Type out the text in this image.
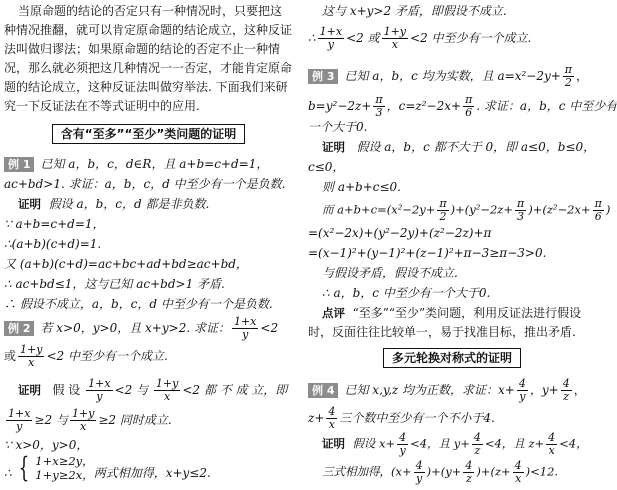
当原命题的结论的否定只有一种情况时，只要把这
种情况推翻，就可以肯定原命题的结论成立，这种反证
法叫做归谬法；如果原命题的结论的否定不止一种情
况，那么就必须把这几种情况一一否定，才能肯定原命
题的结论成立，这种反证法叫做穷举法. 下面我们来研
究一下反证法在不等式证明中的应用.
含有“至多”“至少”类问题的证明
例 1 已知 a，b，c，d∈R，且 a+b=c+d=1，
ac+bd>1. 求证：a，b，c，d 中至少有一个是负数.
证明 假设 a，b，c，d 都是非负数.
∵ a+b=c+d=1，
∴(a+b)(c+d)=1.
又 (a+b)(c+d)=ac+bc+ad+bd≥ac+bd，
∴ ac+bd≤1，这与已知 ac+bd>1 矛盾.
∴ 假设不成立，a，b，c，d 中至少有一个是负数.
例 2 若 x>0，y>0，且 x+y>2. 求证： $\frac{1+x}{y} <2$
或 $\frac{1+y}{x} <2$ 中至少有一个成立.
证明 假 设 $\frac{1+x}{y} <2$ 与 $\frac{1+y}{x} <2$ 都 不 成 立，即
$\frac{1+x}{y} \ge 2$ 与 $\frac{1+y}{x} \ge 2$ 同时成立.
∵ x>0，y>0，
∴ { 1+x≥2y，
1+y≥2x， 两式相加得，x+y≤2.
这与 x+y>2 矛盾，即假设不成立.
∴ $\frac{1+x}{y} <2$ 或 $\frac{1+y}{x} <2$ 中至少有一个成立.
例 3 已知 a，b，c 均为实数，且 $a=x^2-2y+ \frac{\pi}{2}$ ，
$b=y^2-2z+ \frac{\pi}{3}$ ，$c=z^2-2x+ \frac{\pi}{6}$ . 求证：a，b，c 中至少有
一个大于0.
证明 假设 a，b，c 都不大于 0，即 a≤0，b≤0，
c≤0，
则 a+b+c≤0.
而 $a+b+c=(x^2-2y+ \frac{\pi}{2} )+(y^2-2z+ \frac{\pi}{3} )+(z^2-2x+ \frac{\pi}{6}$ )
=(x²−2x)+(y²−2y)+(z²−2z)+π
=(x−1)²+(y−1)²+(z−1)²+π−3≥π−3>0.
与假设矛盾，假设不成立.
∴ a，b，c 中至少有一个大于0.
点评 “至多”“至少”类问题，利用反证法进行假设
时，反面往往比较单一，易于找准目标，推出矛盾.
多元轮换对称式的证明
例 4 已知 x,y,z 均为正数，求证：$x+ \frac{4}{y}$ ，$y+ \frac{4}{z}$ ，
$z+ \frac{4}{x}$ 三个数中至少有一个不小于4.
证明 假设 $x+ \frac{4}{y} <4$，且 $y+ \frac{4}{z} <4$，且 $z+ \frac{4}{x} <4$，
三式相加得，$(x+ \frac{4}{y} )+(y+ \frac{4}{z} )+(z+ \frac{4}{x} )<12$.
